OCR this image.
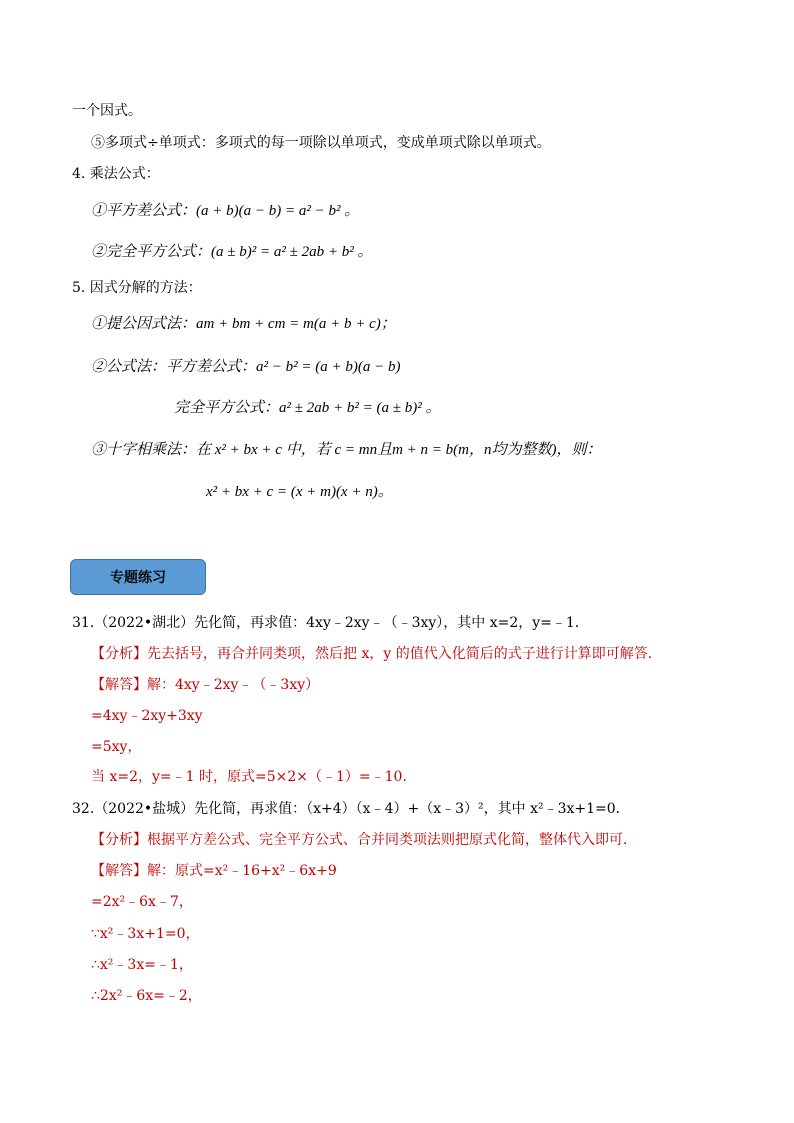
一个因式。
⑤多项式÷单项式：多项式的每一项除以单项式，变成单项式除以单项式。
4. 乘法公式：
①平方差公式：(a + b)(a − b) = a² − b² 。
②完全平方公式：(a ± b)² = a² ± 2ab + b² 。
5. 因式分解的方法：
①提公因式法：am + bm + cm = m(a + b + c)；
②公式法：平方差公式：a² − b² = (a + b)(a − b)
完全平方公式：a² ± 2ab + b² = (a ± b)² 。
③十字相乘法：在 x² + bx + c 中，若 c = mn且m + n = b(m，n均为整数)，则：
x² + bx + c = (x + m)(x + n)。
专题练习
31.（2022•湖北）先化简，再求值：4xy﹣2xy﹣（﹣3xy），其中 x=2，y=﹣1．
【分析】先去括号，再合并同类项，然后把 x，y 的值代入化简后的式子进行计算即可解答．
【解答】解：4xy﹣2xy﹣（﹣3xy）
=4xy﹣2xy+3xy
=5xy，
当 x=2，y=﹣1 时，原式=5×2×（﹣1）=﹣10．
32.（2022•盐城）先化简，再求值：（x+4）（x﹣4）+（x﹣3）²，其中 x²﹣3x+1=0．
【分析】根据平方差公式、完全平方公式、合并同类项法则把原式化简，整体代入即可．
【解答】解：原式=x²﹣16+x²﹣6x+9
=2x²﹣6x﹣7，
∵x²﹣3x+1=0，
∴x²﹣3x=﹣1，
∴2x²﹣6x=﹣2，
